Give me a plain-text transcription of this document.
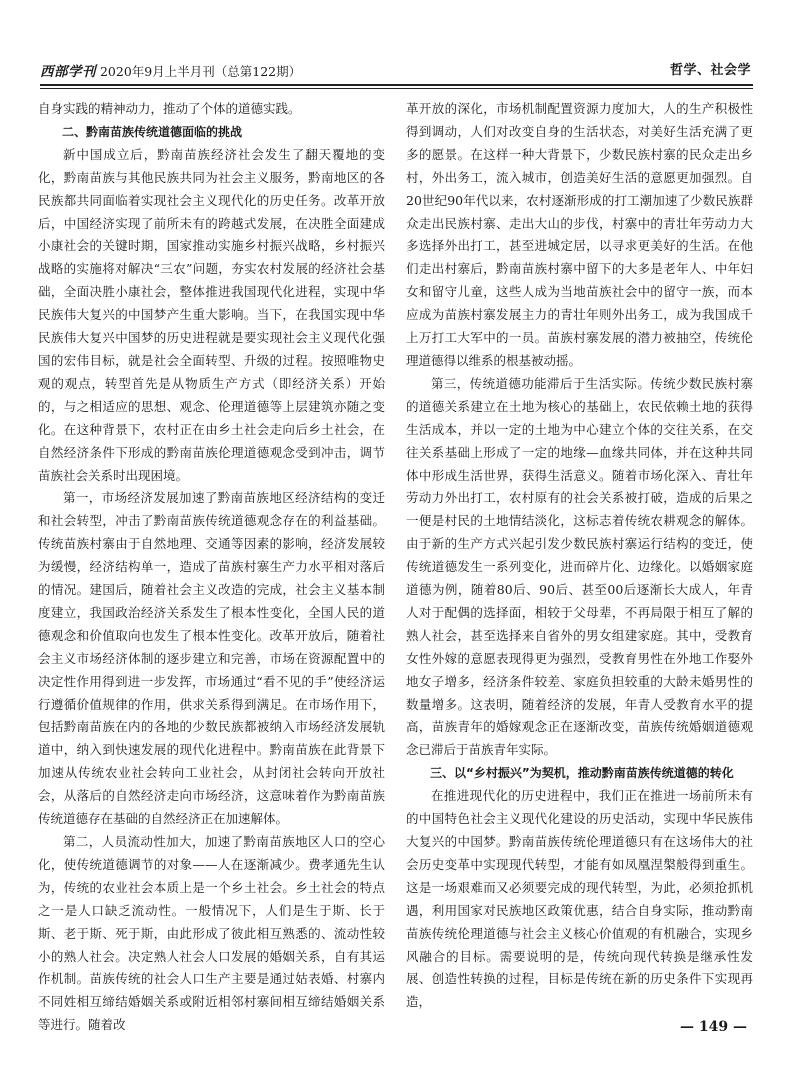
西部学刊 2020年9月上半月刊（总第122期）	哲学、社会学

自身实践的精神动力，推动了个体的道德实践。

二、黔南苗族传统道德面临的挑战

新中国成立后，黔南苗族经济社会发生了翻天覆地的变化，黔南苗族与其他民族共同为社会主义服务，黔南地区的各民族都共同面临着实现社会主义现代化的历史任务。改革开放后，中国经济实现了前所未有的跨越式发展，在决胜全面建成小康社会的关键时期，国家推动实施乡村振兴战略，乡村振兴战略的实施将对解决“三农”问题，夯实农村发展的经济社会基础，全面决胜小康社会，整体推进我国现代化进程，实现中华民族伟大复兴的中国梦产生重大影响。当下，在我国实现中华民族伟大复兴中国梦的历史进程就是要实现社会主义现代化强国的宏伟目标，就是社会全面转型、升级的过程。按照唯物史观的观点，转型首先是从物质生产方式（即经济关系）开始的，与之相适应的思想、观念、伦理道德等上层建筑亦随之变化。在这种背景下，农村正在由乡土社会走向后乡土社会，在自然经济条件下形成的黔南苗族伦理道德观念受到冲击，调节苗族社会关系时出现困境。

第一，市场经济发展加速了黔南苗族地区经济结构的变迁和社会转型，冲击了黔南苗族传统道德观念存在的利益基础。传统苗族村寨由于自然地理、交通等因素的影响，经济发展较为缓慢，经济结构单一，造成了苗族村寨生产力水平相对落后的情况。建国后，随着社会主义改造的完成，社会主义基本制度建立，我国政治经济关系发生了根本性变化，全国人民的道德观念和价值取向也发生了根本性变化。改革开放后，随着社会主义市场经济体制的逐步建立和完善，市场在资源配置中的决定性作用得到进一步发挥，市场通过“看不见的手”使经济运行遵循价值规律的作用，供求关系得到满足。在市场作用下，包括黔南苗族在内的各地的少数民族都被纳入市场经济发展轨道中，纳入到快速发展的现代化进程中。黔南苗族在此背景下加速从传统农业社会转向工业社会，从封闭社会转向开放社会，从落后的自然经济走向市场经济，这意味着作为黔南苗族传统道德存在基础的自然经济正在加速解体。

第二，人员流动性加大，加速了黔南苗族地区人口的空心化，使传统道德调节的对象——人在逐渐减少。费孝通先生认为，传统的农业社会本质上是一个乡土社会。乡土社会的特点之一是人口缺乏流动性。一般情况下，人们是生于斯、长于斯、老于斯、死于斯，由此形成了彼此相互熟悉的、流动性较小的熟人社会。决定熟人社会人口发展的婚姻关系，自有其运作机制。苗族传统的社会人口生产主要是通过姑表婚、村寨内不同姓相互缔结婚姻关系或附近相邻村寨间相互缔结婚姻关系等进行。随着改

革开放的深化，市场机制配置资源力度加大，人的生产积极性得到调动，人们对改变自身的生活状态，对美好生活充满了更多的愿景。在这样一种大背景下，少数民族村寨的民众走出乡村，外出务工，流入城市，创造美好生活的意愿更加强烈。自20世纪90年代以来，农村逐渐形成的打工潮加速了少数民族群众走出民族村寨、走出大山的步伐，村寨中的青壮年劳动力大多选择外出打工，甚至进城定居，以寻求更美好的生活。在他们走出村寨后，黔南苗族村寨中留下的大多是老年人、中年妇女和留守儿童，这些人成为当地苗族社会中的留守一族，而本应成为苗族村寨发展主力的青壮年则外出务工，成为我国成千上万打工大军中的一员。苗族村寨发展的潜力被抽空，传统伦理道德得以维系的根基被动摇。

第三，传统道德功能滞后于生活实际。传统少数民族村寨的道德关系建立在土地为核心的基础上，农民依赖土地的获得生活成本，并以一定的土地为中心建立个体的交往关系，在交往关系基础上形成了一定的地缘—血缘共同体，并在这种共同体中形成生活世界，获得生活意义。随着市场化深入、青壮年劳动力外出打工，农村原有的社会关系被打破，造成的后果之一便是村民的土地情结淡化，这标志着传统农耕观念的解体。由于新的生产方式兴起引发少数民族村寨运行结构的变迁，使传统道德发生一系列变化，进而碎片化、边缘化。以婚姻家庭道德为例，随着80后、90后、甚至00后逐渐长大成人，年青人对于配偶的选择面，相较于父母辈，不再局限于相互了解的熟人社会，甚至选择来自省外的男女组建家庭。其中，受教育女性外嫁的意愿表现得更为强烈，受教育男性在外地工作娶外地女子增多，经济条件较差、家庭负担较重的大龄未婚男性的数量增多。这表明，随着经济的发展，年青人受教育水平的提高，苗族青年的婚嫁观念正在逐渐改变，苗族传统婚姻道德观念已滞后于苗族青年实际。

三、以“乡村振兴”为契机，推动黔南苗族传统道德的转化

在推进现代化的历史进程中，我们正在推进一场前所未有的中国特色社会主义现代化建设的历史活动，实现中华民族伟大复兴的中国梦。黔南苗族传统伦理道德只有在这场伟大的社会历史变革中实现现代转型，才能有如凤凰涅槃般得到重生。这是一场艰难而又必须要完成的现代转型，为此，必须抢抓机遇，利用国家对民族地区政策优惠，结合自身实际，推动黔南苗族传统伦理道德与社会主义核心价值观的有机融合，实现乡风融合的目标。需要说明的是，传统向现代转换是继承性发展、创造性转换的过程，目标是传统在新的历史条件下实现再造，

— 149 —
